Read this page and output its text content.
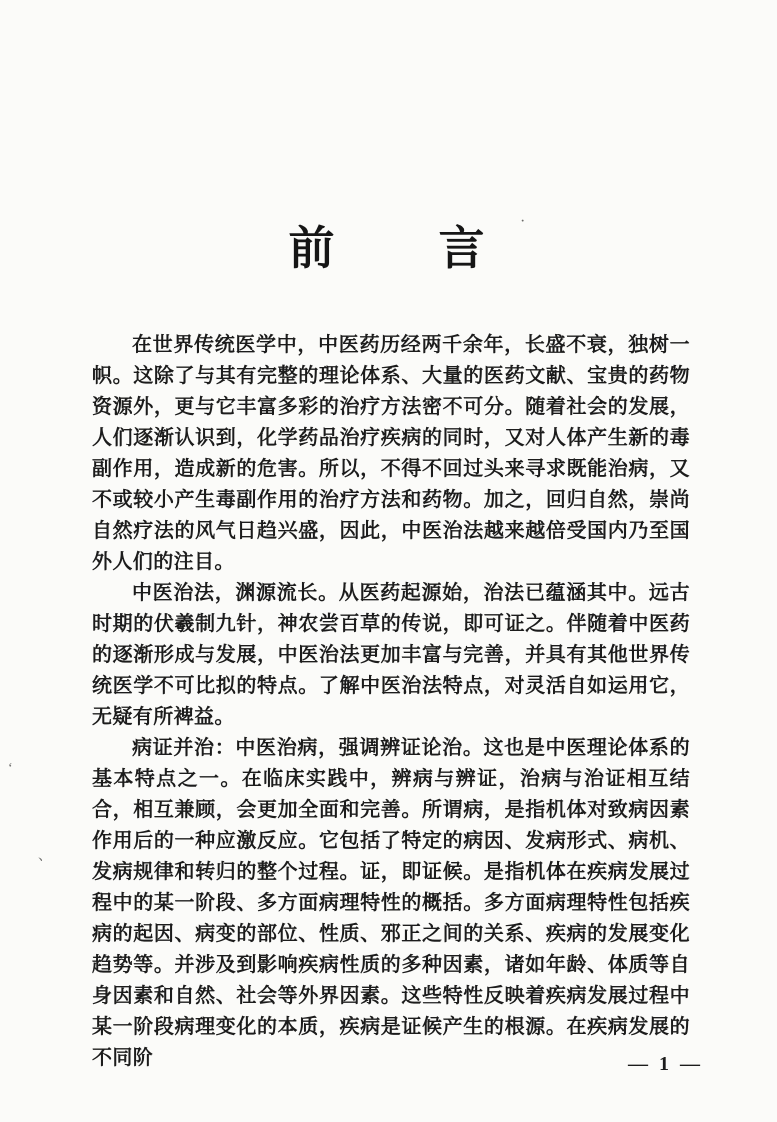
·
ʻ
、
前　　言

在世界传统医学中，中医药历经两千余年，长盛不衰，独树一帜。这除了与其有完整的理论体系、大量的医药文献、宝贵的药物资源外，更与它丰富多彩的治疗方法密不可分。随着社会的发展，人们逐渐认识到，化学药品治疗疾病的同时，又对人体产生新的毒副作用，造成新的危害。所以，不得不回过头来寻求既能治病，又不或较小产生毒副作用的治疗方法和药物。加之，回归自然，崇尚自然疗法的风气日趋兴盛，因此，中医治法越来越倍受国内乃至国外人们的注目。

中医治法，渊源流长。从医药起源始，治法已蕴涵其中。远古时期的伏羲制九针，神农尝百草的传说，即可证之。伴随着中医药的逐渐形成与发展，中医治法更加丰富与完善，并具有其他世界传统医学不可比拟的特点。了解中医治法特点，对灵活自如运用它，无疑有所裨益。

病证并治：中医治病，强调辨证论治。这也是中医理论体系的基本特点之一。在临床实践中，辨病与辨证，治病与治证相互结合，相互兼顾，会更加全面和完善。所谓病，是指机体对致病因素作用后的一种应激反应。它包括了特定的病因、发病形式、病机、发病规律和转归的整个过程。证，即证候。是指机体在疾病发展过程中的某一阶段、多方面病理特性的概括。多方面病理特性包括疾病的起因、病变的部位、性质、邪正之间的关系、疾病的发展变化趋势等。并涉及到影响疾病性质的多种因素，诸如年龄、体质等自身因素和自然、社会等外界因素。这些特性反映着疾病发展过程中某一阶段病理变化的本质，疾病是证候产生的根源。在疾病发展的不同阶	— 1 —
